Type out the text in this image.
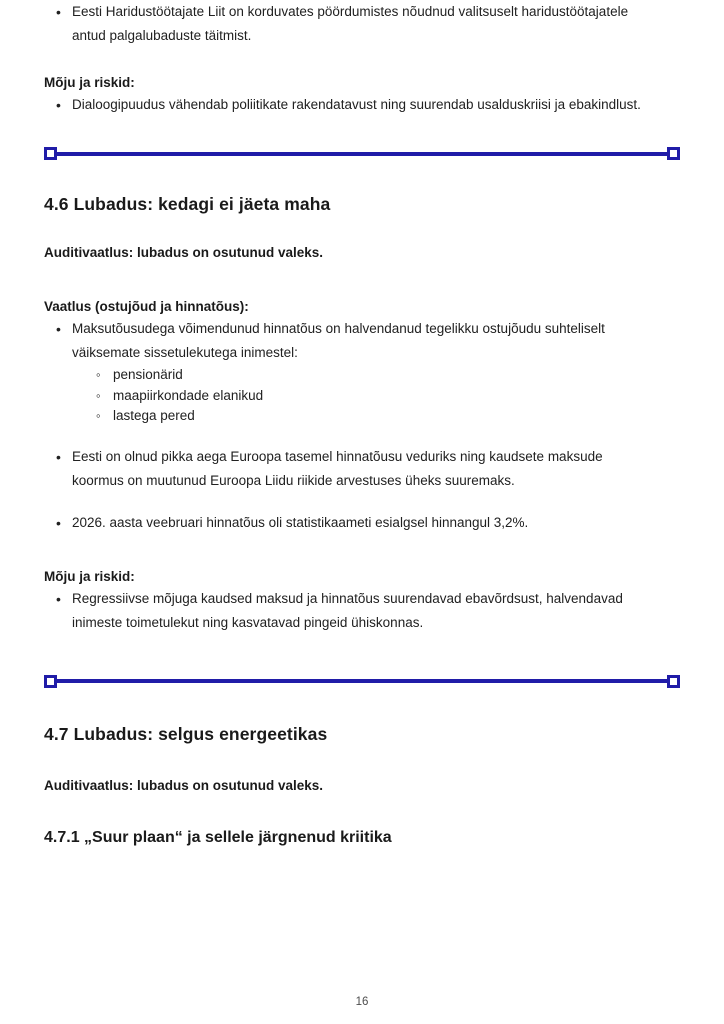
• Eesti Haridustöötajate Liit on korduvates pöördumistes nõudnud valitsuselt haridustöötajatele antud palgalubaduste täitmist.

Mõju ja riskid:

• Dialoogipuudus vähendab poliitikate rakendatavust ning suurendab usalduskriisi ja ebakindlust.
4.6 Lubadus: kedagi ei jäeta maha

Auditivaatlus: lubadus on osutunud valeks.

Vaatlus (ostujõud ja hinnatõus):

• Maksutõusudega võimendunud hinnatõus on halvendanud tegelikku ostujõudu suhteliselt väiksemate sissetulekutega inimestel:
◦ pensionärid
◦ maapiirkondade elanikud
◦ lastega pered
• Eesti on olnud pikka aega Euroopa tasemel hinnatõusu veduriks ning kaudsete maksude koormus on muutunud Euroopa Liidu riikide arvestuses üheks suuremaks.
• 2026. aasta veebruari hinnatõus oli statistikaameti esialgsel hinnangul 3,2%.

Mõju ja riskid:

• Regressiivse mõjuga kaudsed maksud ja hinnatõus suurendavad ebavõrdsust, halvendavad inimeste toimetulekut ning kasvatavad pingeid ühiskonnas.
4.7 Lubadus: selgus energeetikas

Auditivaatlus: lubadus on osutunud valeks.

4.7.1 „Suur plaan“ ja sellele järgnenud kriitika
16
